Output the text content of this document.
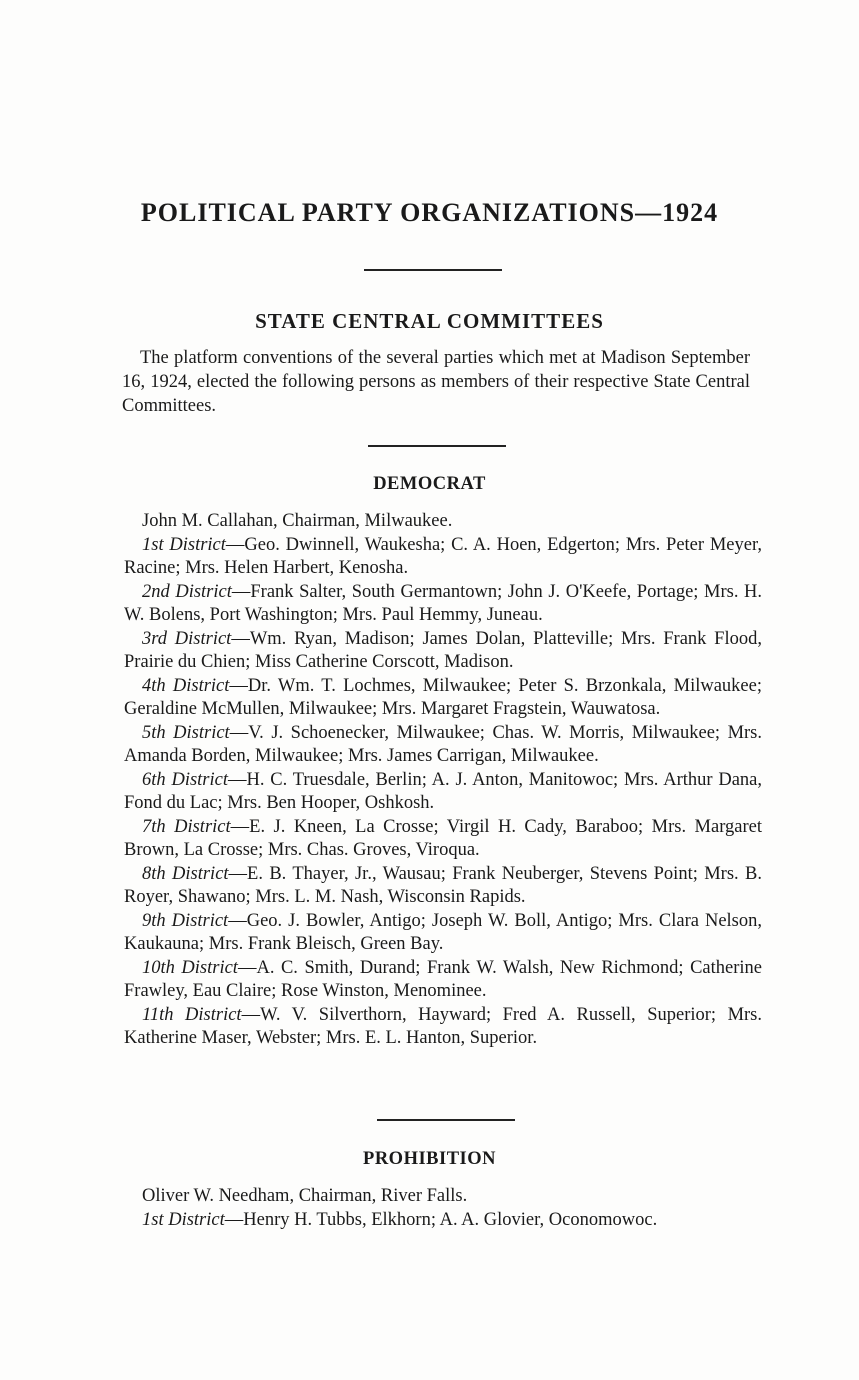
POLITICAL PARTY ORGANIZATIONS—1924
STATE CENTRAL COMMITTEES
The platform conventions of the several parties which met at Madison September 16, 1924, elected the following persons as members of their respective State Central Committees.
DEMOCRAT

John M. Callahan, Chairman, Milwaukee.

1st District—Geo. Dwinnell, Waukesha; C. A. Hoen, Edgerton; Mrs. Peter Meyer, Racine; Mrs. Helen Harbert, Kenosha.

2nd District—Frank Salter, South Germantown; John J. O'Keefe, Portage; Mrs. H. W. Bolens, Port Washington; Mrs. Paul Hemmy, Juneau.

3rd District—Wm. Ryan, Madison; James Dolan, Platteville; Mrs. Frank Flood, Prairie du Chien; Miss Catherine Corscott, Madison.

4th District—Dr. Wm. T. Lochmes, Milwaukee; Peter S. Brzonkala, Milwaukee; Geraldine McMullen, Milwaukee; Mrs. Margaret Fragstein, Wauwatosa.

5th District—V. J. Schoenecker, Milwaukee; Chas. W. Morris, Milwaukee; Mrs. Amanda Borden, Milwaukee; Mrs. James Carrigan, Milwaukee.

6th District—H. C. Truesdale, Berlin; A. J. Anton, Manitowoc; Mrs. Arthur Dana, Fond du Lac; Mrs. Ben Hooper, Oshkosh.

7th District—E. J. Kneen, La Crosse; Virgil H. Cady, Baraboo; Mrs. Margaret Brown, La Crosse; Mrs. Chas. Groves, Viroqua.

8th District—E. B. Thayer, Jr., Wausau; Frank Neuberger, Stevens Point; Mrs. B. Royer, Shawano; Mrs. L. M. Nash, Wisconsin Rapids.

9th District—Geo. J. Bowler, Antigo; Joseph W. Boll, Antigo; Mrs. Clara Nelson, Kaukauna; Mrs. Frank Bleisch, Green Bay.

10th District—A. C. Smith, Durand; Frank W. Walsh, New Richmond; Catherine Frawley, Eau Claire; Rose Winston, Menominee.

11th District—W. V. Silverthorn, Hayward; Fred A. Russell, Superior; Mrs. Katherine Maser, Webster; Mrs. E. L. Hanton, Superior.

PROHIBITION

Oliver W. Needham, Chairman, River Falls.

1st District—Henry H. Tubbs, Elkhorn; A. A. Glovier, Oconomowoc.
